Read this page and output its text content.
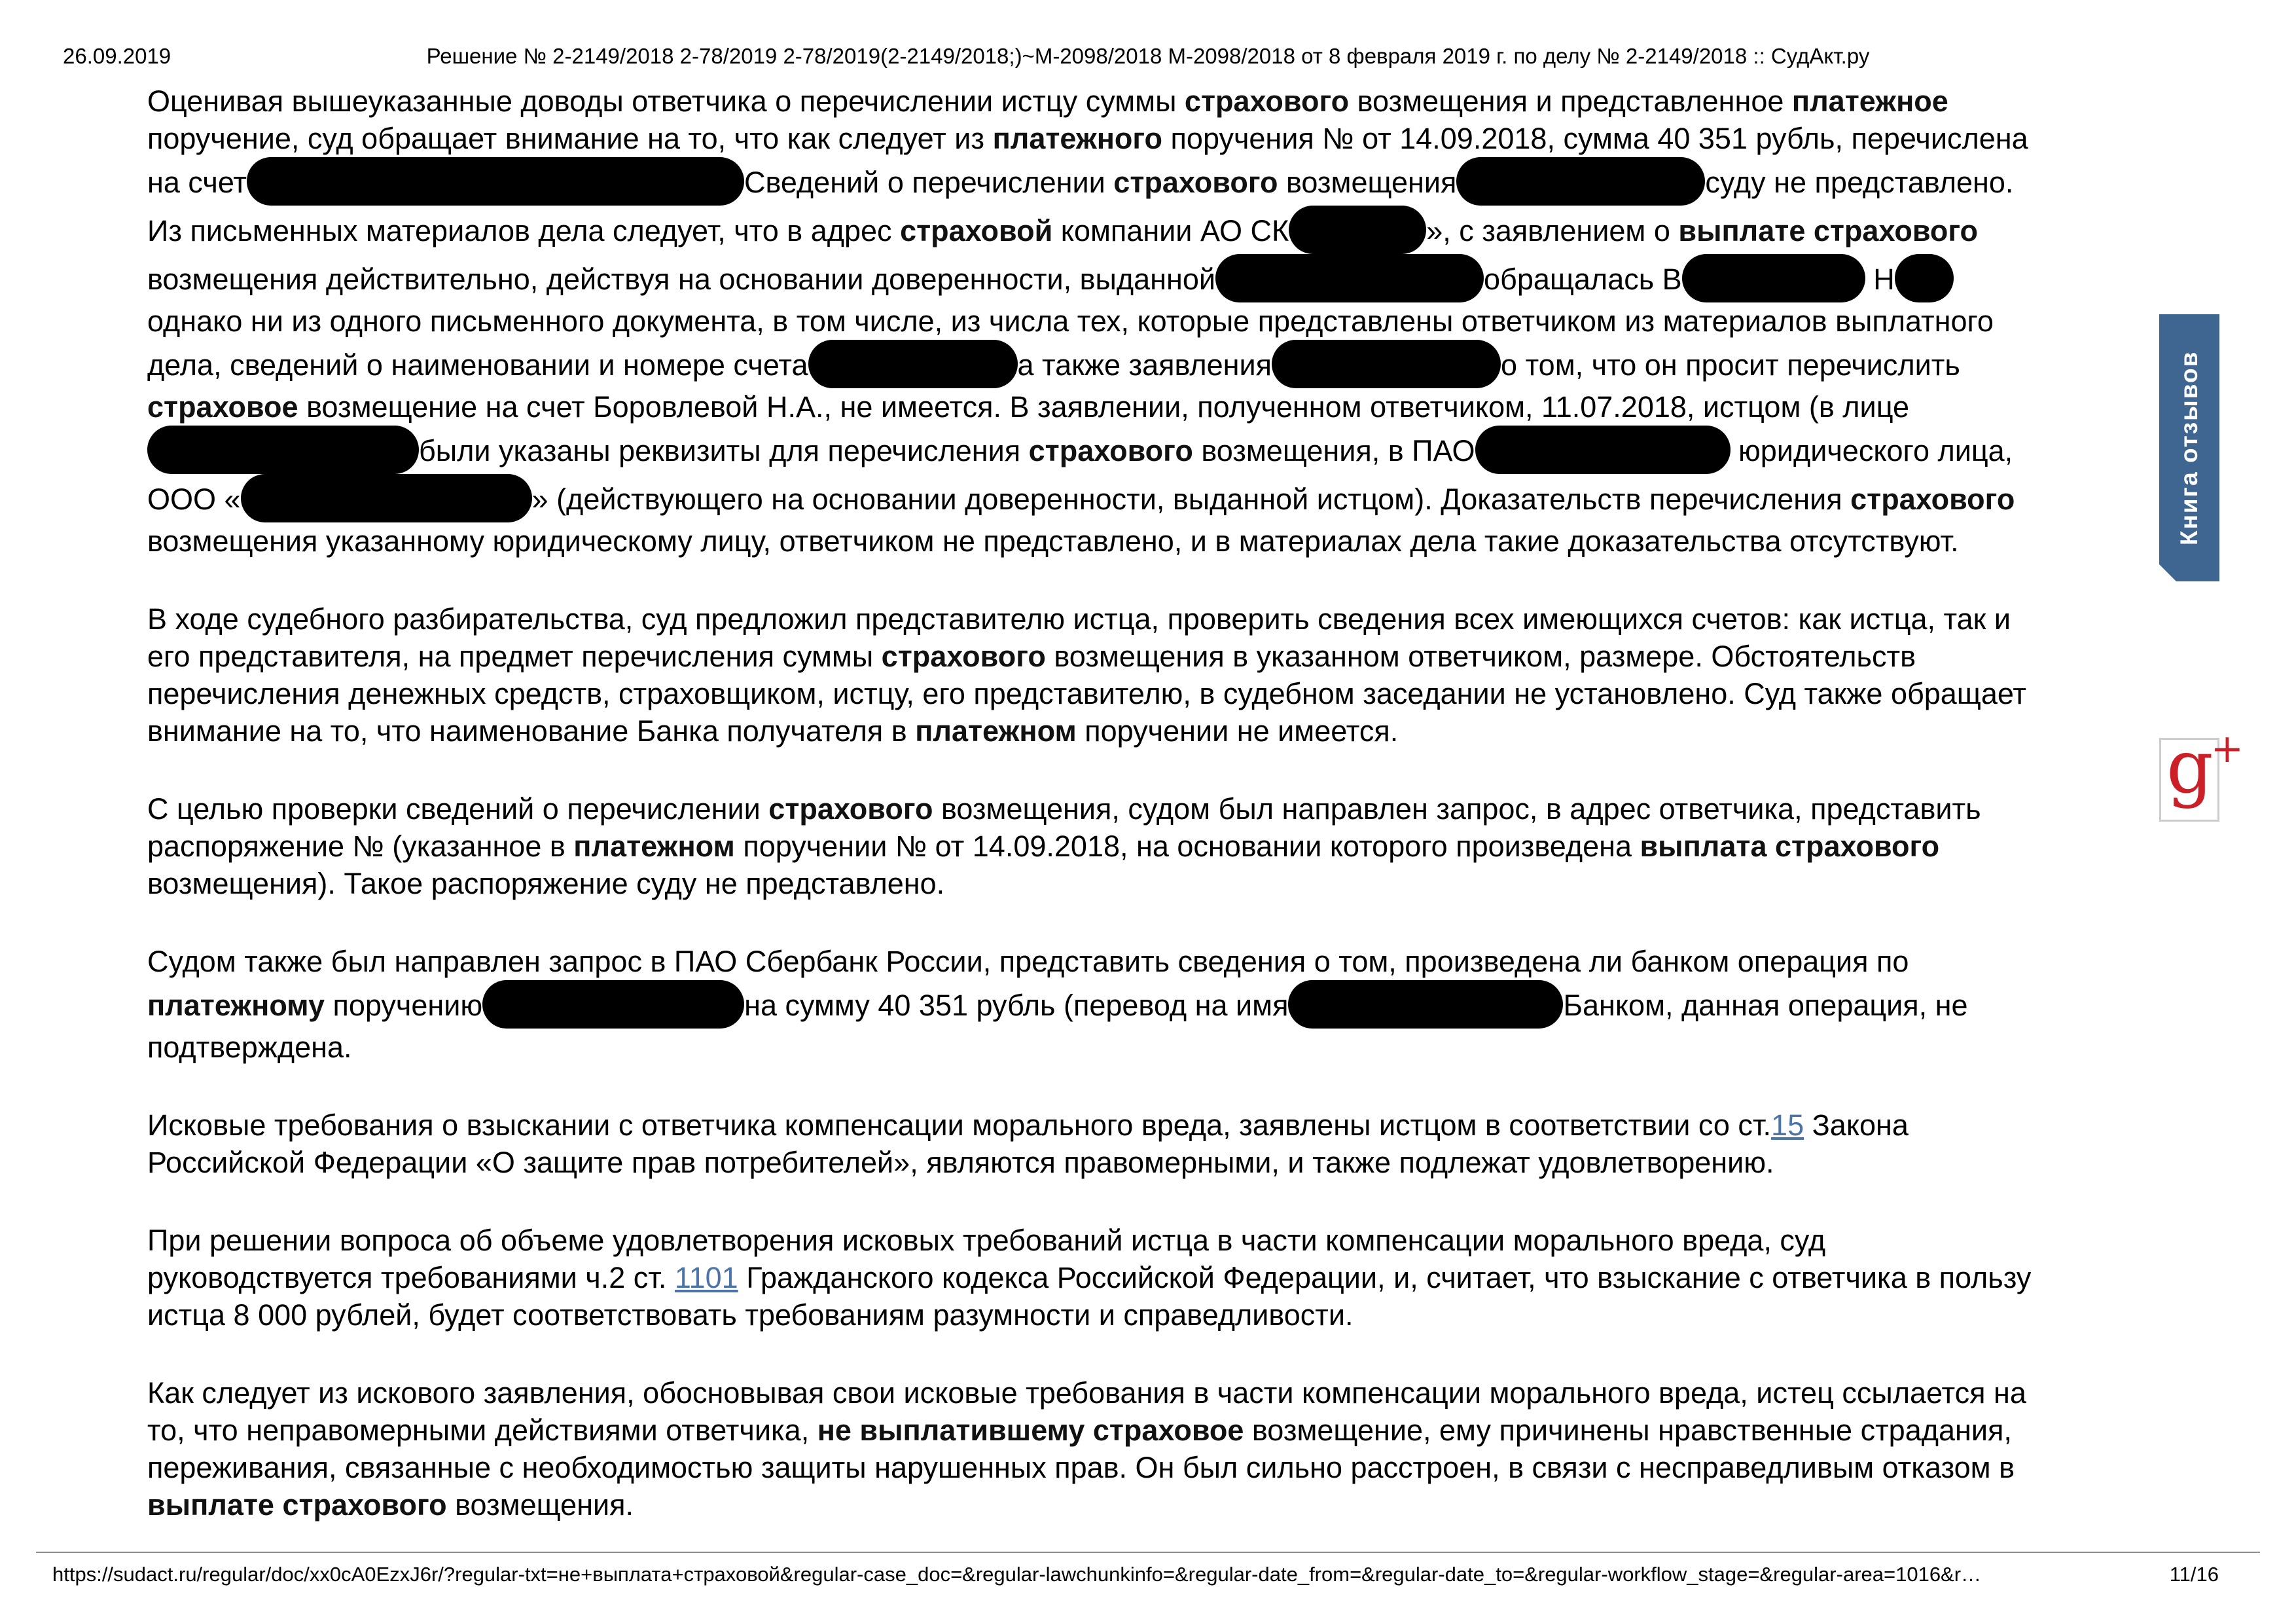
26.09.2019	Решение № 2-2149/2018 2-78/2019 2-78/2019(2-2149/2018;)~М-2098/2018 М-2098/2018 от 8 февраля 2019 г. по делу № 2-2149/2018 :: СудАкт.ру

Оценивая вышеуказанные доводы ответчика о перечислении истцу суммы страхового возмещения и представленное платежное поручение, суд обращает внимание на то, что как следует из платежного поручения № от 14.09.2018, сумма 40 351 рубль, перечислена на счет	Сведений о перечислении страхового возмещения	суду не представлено. Из письменных материалов дела следует, что в адрес страховой компании АО СК	», с заявлением о выплате страхового возмещения действительно, действуя на основании доверенности, выданной	обращалась В	Н однако ни из одного письменного документа, в том числе, из числа тех, которые представлены ответчиком из материалов выплатного дела, сведений о наименовании и номере счета	а также заявления	о том, что он просит перечислить страховое возмещение на счет Боровлевой Н.А., не имеется. В заявлении, полученном ответчиком, 11.07.2018, истцом (в лицебыли указаны реквизиты для перечисления страхового возмещения, в ПАО	юридического лица, ООО «	» (действующего на основании доверенности, выданной истцом). Доказательств перечисления страхового возмещения указанному юридическому лицу, ответчиком не представлено, и в материалах дела такие доказательства отсутствуют.

В ходе судебного разбирательства, суд предложил представителю истца, проверить сведения всех имеющихся счетов: как истца, так и его представителя, на предмет перечисления суммы страхового возмещения в указанном ответчиком, размере. Обстоятельств перечисления денежных средств, страховщиком, истцу, его представителю, в судебном заседании не установлено. Суд также обращает внимание на то, что наименование Банка получателя в платежном поручении не имеется.

С целью проверки сведений о перечислении страхового возмещения, судом был направлен запрос, в адрес ответчика, представить распоряжение № (указанное в платежном поручении № от 14.09.2018, на основании которого произведена выплата страхового возмещения). Такое распоряжение суду не представлено.

Судом также был направлен запрос в ПАО Сбербанк России, представить сведения о том, произведена ли банком операция по платежному поручению	на сумму 40 351 рубль (перевод на имя	Банком, данная операция, не подтверждена.

Исковые требования о взыскании с ответчика компенсации морального вреда, заявлены истцом в соответствии со ст.15 Закона Российской Федерации «О защите прав потребителей», являются правомерными, и также подлежат удовлетворению.

При решении вопроса об объеме удовлетворения исковых требований истца в части компенсации морального вреда, суд руководствуется требованиями ч.2 ст. 1101 Гражданского кодекса Российской Федерации, и, считает, что взыскание с ответчика в пользу истца 8 000 рублей, будет соответствовать требованиям разумности и справедливости.

Как следует из искового заявления, обосновывая свои исковые требования в части компенсации морального вреда, истец ссылается на то, что неправомерными действиями ответчика, не выплатившему страховое возмещение, ему причинены нравственные страдания, переживания, связанные с необходимостью защиты нарушенных прав. Он был сильно расстроен, в связи с несправедливым отказом в выплате страхового возмещения.

Книга отзывов
g+
https://sudact.ru/regular/doc/xx0cA0EzxJ6r/?regular-txt=не+выплата+страховой&regular-case_doc=&regular-lawchunkinfo=&regular-date_from=&regular-date_to=&regular-workflow_stage=&regular-area=1016&r…	11/16
